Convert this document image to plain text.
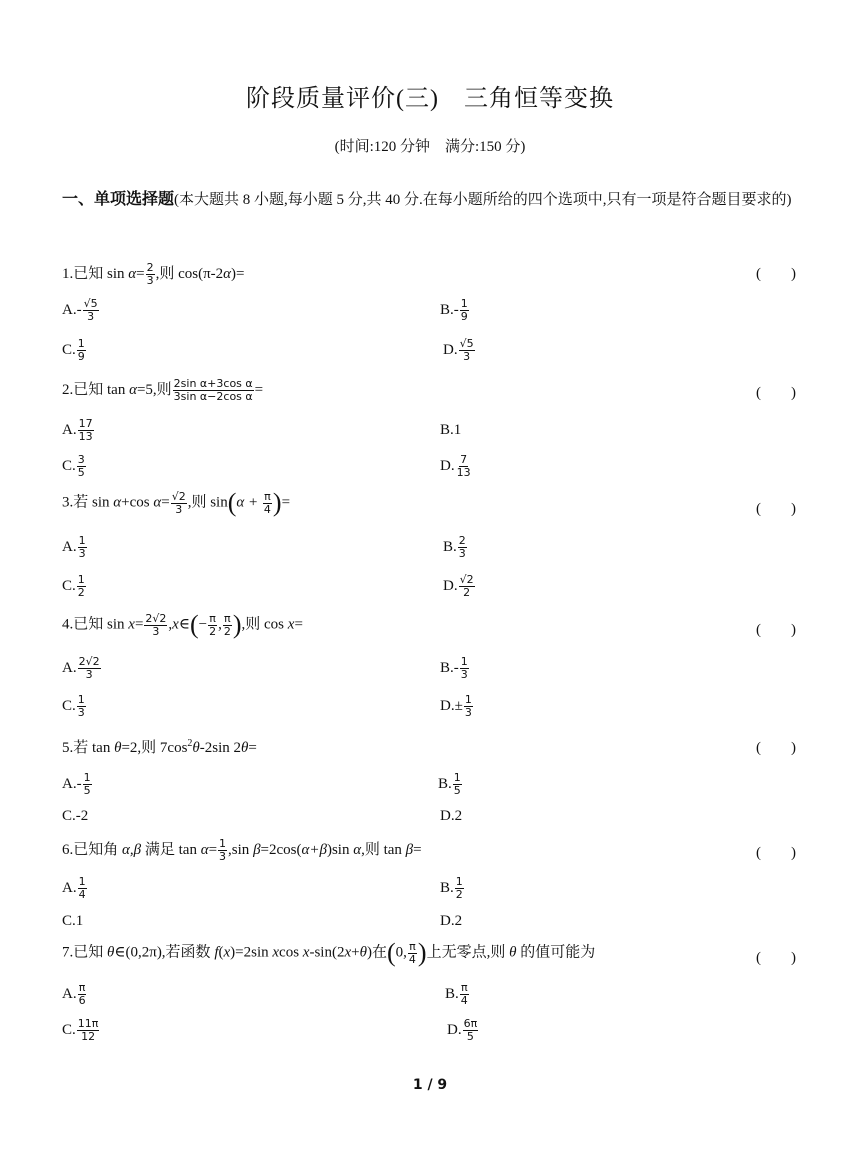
阶段质量评价(三)　三角恒等变换
(时间:120 分钟　满分:150 分)
一、单项选择题(本大题共 8 小题,每小题 5 分,共 40 分.在每小题所给的四个选项中,只有一项是符合题目要求的)
1.已知 $\sin \alpha= \frac{2}{3}$ ,则 cos(π-2α)=	(　　)
$A.- \frac{√5}{3}$	$B.- \frac{1}{9}$
C. $\frac{1}{9}$	D. $\frac{√5}{3}$
2.已知 tan α=5,则 $\frac{\text{2sin α+3cos α}}{\text{3sin α−2cos α}}$ =	(　　)
A. $\frac{17}{13}$	B.1
C. $\frac{3}{5}$	D. $\frac{7}{13}$
3.若 sin α+cos $\alpha= \frac{√2}{3}$ ,则 $\sin(\alpha + \frac{\pi}{4}$ )=	(　　)
A. $\frac{1}{3}$	B. $\frac{2}{3}$
C. $\frac{1}{2}$	D. $\frac{√2}{2}$
4.已知 $\sin x= \frac{2√2}{3}$ ,x∈(− $\frac{\pi}{2}$ , $\frac{\pi}{2}$ ),则 cos x=	(　　)
A. $\frac{2√2}{3}$	$B.- \frac{1}{3}$
C. $\frac{1}{3}$	$D.\pm \frac{1}{3}$
5.若 tan θ=2,则 $7\cos^2\theta-2\sin$ 2θ=	(　　)
$A.- \frac{1}{5}$	B. $\frac{1}{5}$
C.-2	D.2
6.已知角 α,β 满足 $\tan \alpha= \frac{1}{3} ,\sin$ β=2cos(α+β)sin α,则 tan β=	(　　)
A. $\frac{1}{4}$	B. $\frac{1}{2}$
C.1	D.2
7.已知 θ∈(0,2π),若函数 f(x)=2sin xcos x-sin(2x+θ)在(0, $\frac{\pi}{4}$ )上无零点,则 θ 的值可能为	(　　)
A. $\frac{\pi}{6}$	B. $\frac{\pi}{4}$
C. $\frac{11\pi}{12}$	D. $\frac{6\pi}{5}$
1 / 9
